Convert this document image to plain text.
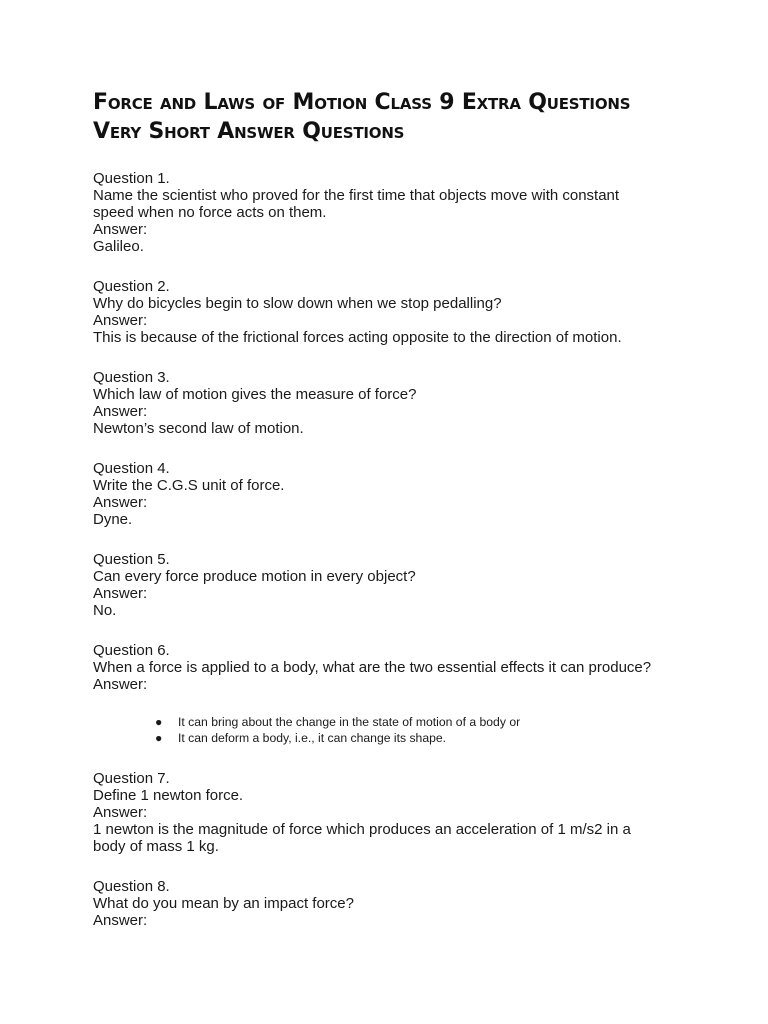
Force and Laws of Motion Class 9 Extra Questions
Very Short Answer Questions

Question 1.

Name the scientist who proved for the first time that objects move with constant

speed when no force acts on them.

Answer:

Galileo.

Question 2.

Why do bicycles begin to slow down when we stop pedalling?

Answer:

This is because of the frictional forces acting opposite to the direction of motion.

Question 3.

Which law of motion gives the measure of force?

Answer:

Newton’s second law of motion.

Question 4.

Write the C.G.S unit of force.

Answer:

Dyne.

Question 5.

Can every force produce motion in every object?

Answer:

No.

Question 6.

When a force is applied to a body, what are the two essential effects it can produce?

Answer:

● It can bring about the change in the state of motion of a body or
● It can deform a body, i.e., it can change its shape.

Question 7.

Define 1 newton force.

Answer:

1 newton is the magnitude of force which produces an acceleration of 1 m/s2 in a

body of mass 1 kg.

Question 8.

What do you mean by an impact force?

Answer:
